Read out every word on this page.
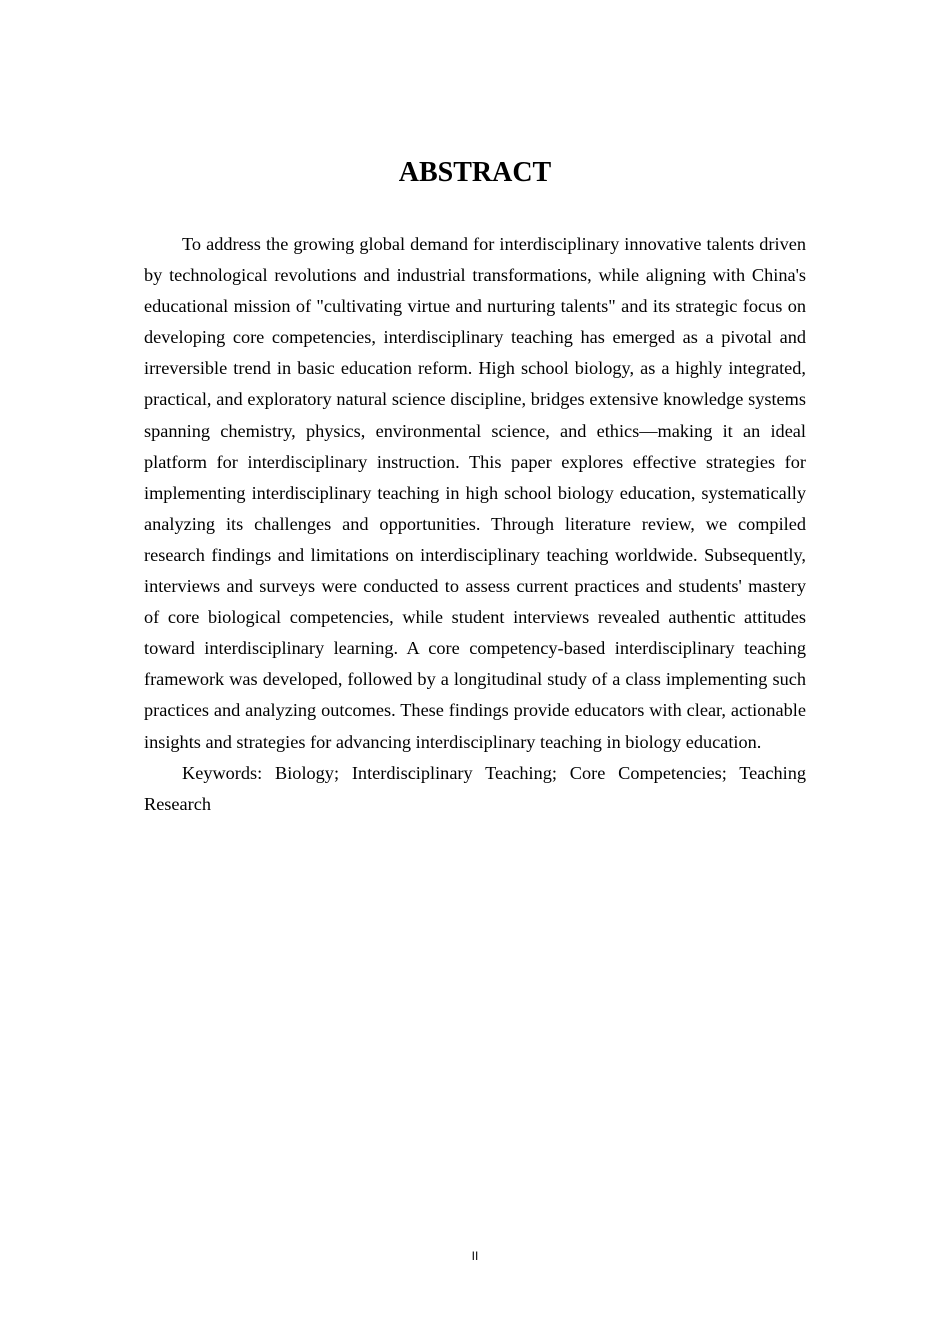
ABSTRACT

To address the growing global demand for interdisciplinary innovative talents driven by technological revolutions and industrial transformations, while aligning with China's educational mission of "cultivating virtue and nurturing talents" and its strategic focus on developing core competencies, interdisciplinary teaching has emerged as a pivotal and irreversible trend in basic education reform. High school biology, as a highly integrated, practical, and exploratory natural science discipline, bridges extensive knowledge systems spanning chemistry, physics, environmental science, and ethics—making it an ideal platform for interdisciplinary instruction. This paper explores effective strategies for implementing interdisciplinary teaching in high school biology education, systematically analyzing its challenges and opportunities. Through literature review, we compiled research findings and limitations on interdisciplinary teaching worldwide. Subsequently, interviews and surveys were conducted to assess current practices and students' mastery of core biological competencies, while student interviews revealed authentic attitudes toward interdisciplinary learning. A core competency-based interdisciplinary teaching framework was developed, followed by a longitudinal study of a class implementing such practices and analyzing outcomes. These findings provide educators with clear, actionable insights and strategies for advancing interdisciplinary teaching in biology education.

Keywords: Biology; Interdisciplinary Teaching; Core Competencies; Teaching Research

II
